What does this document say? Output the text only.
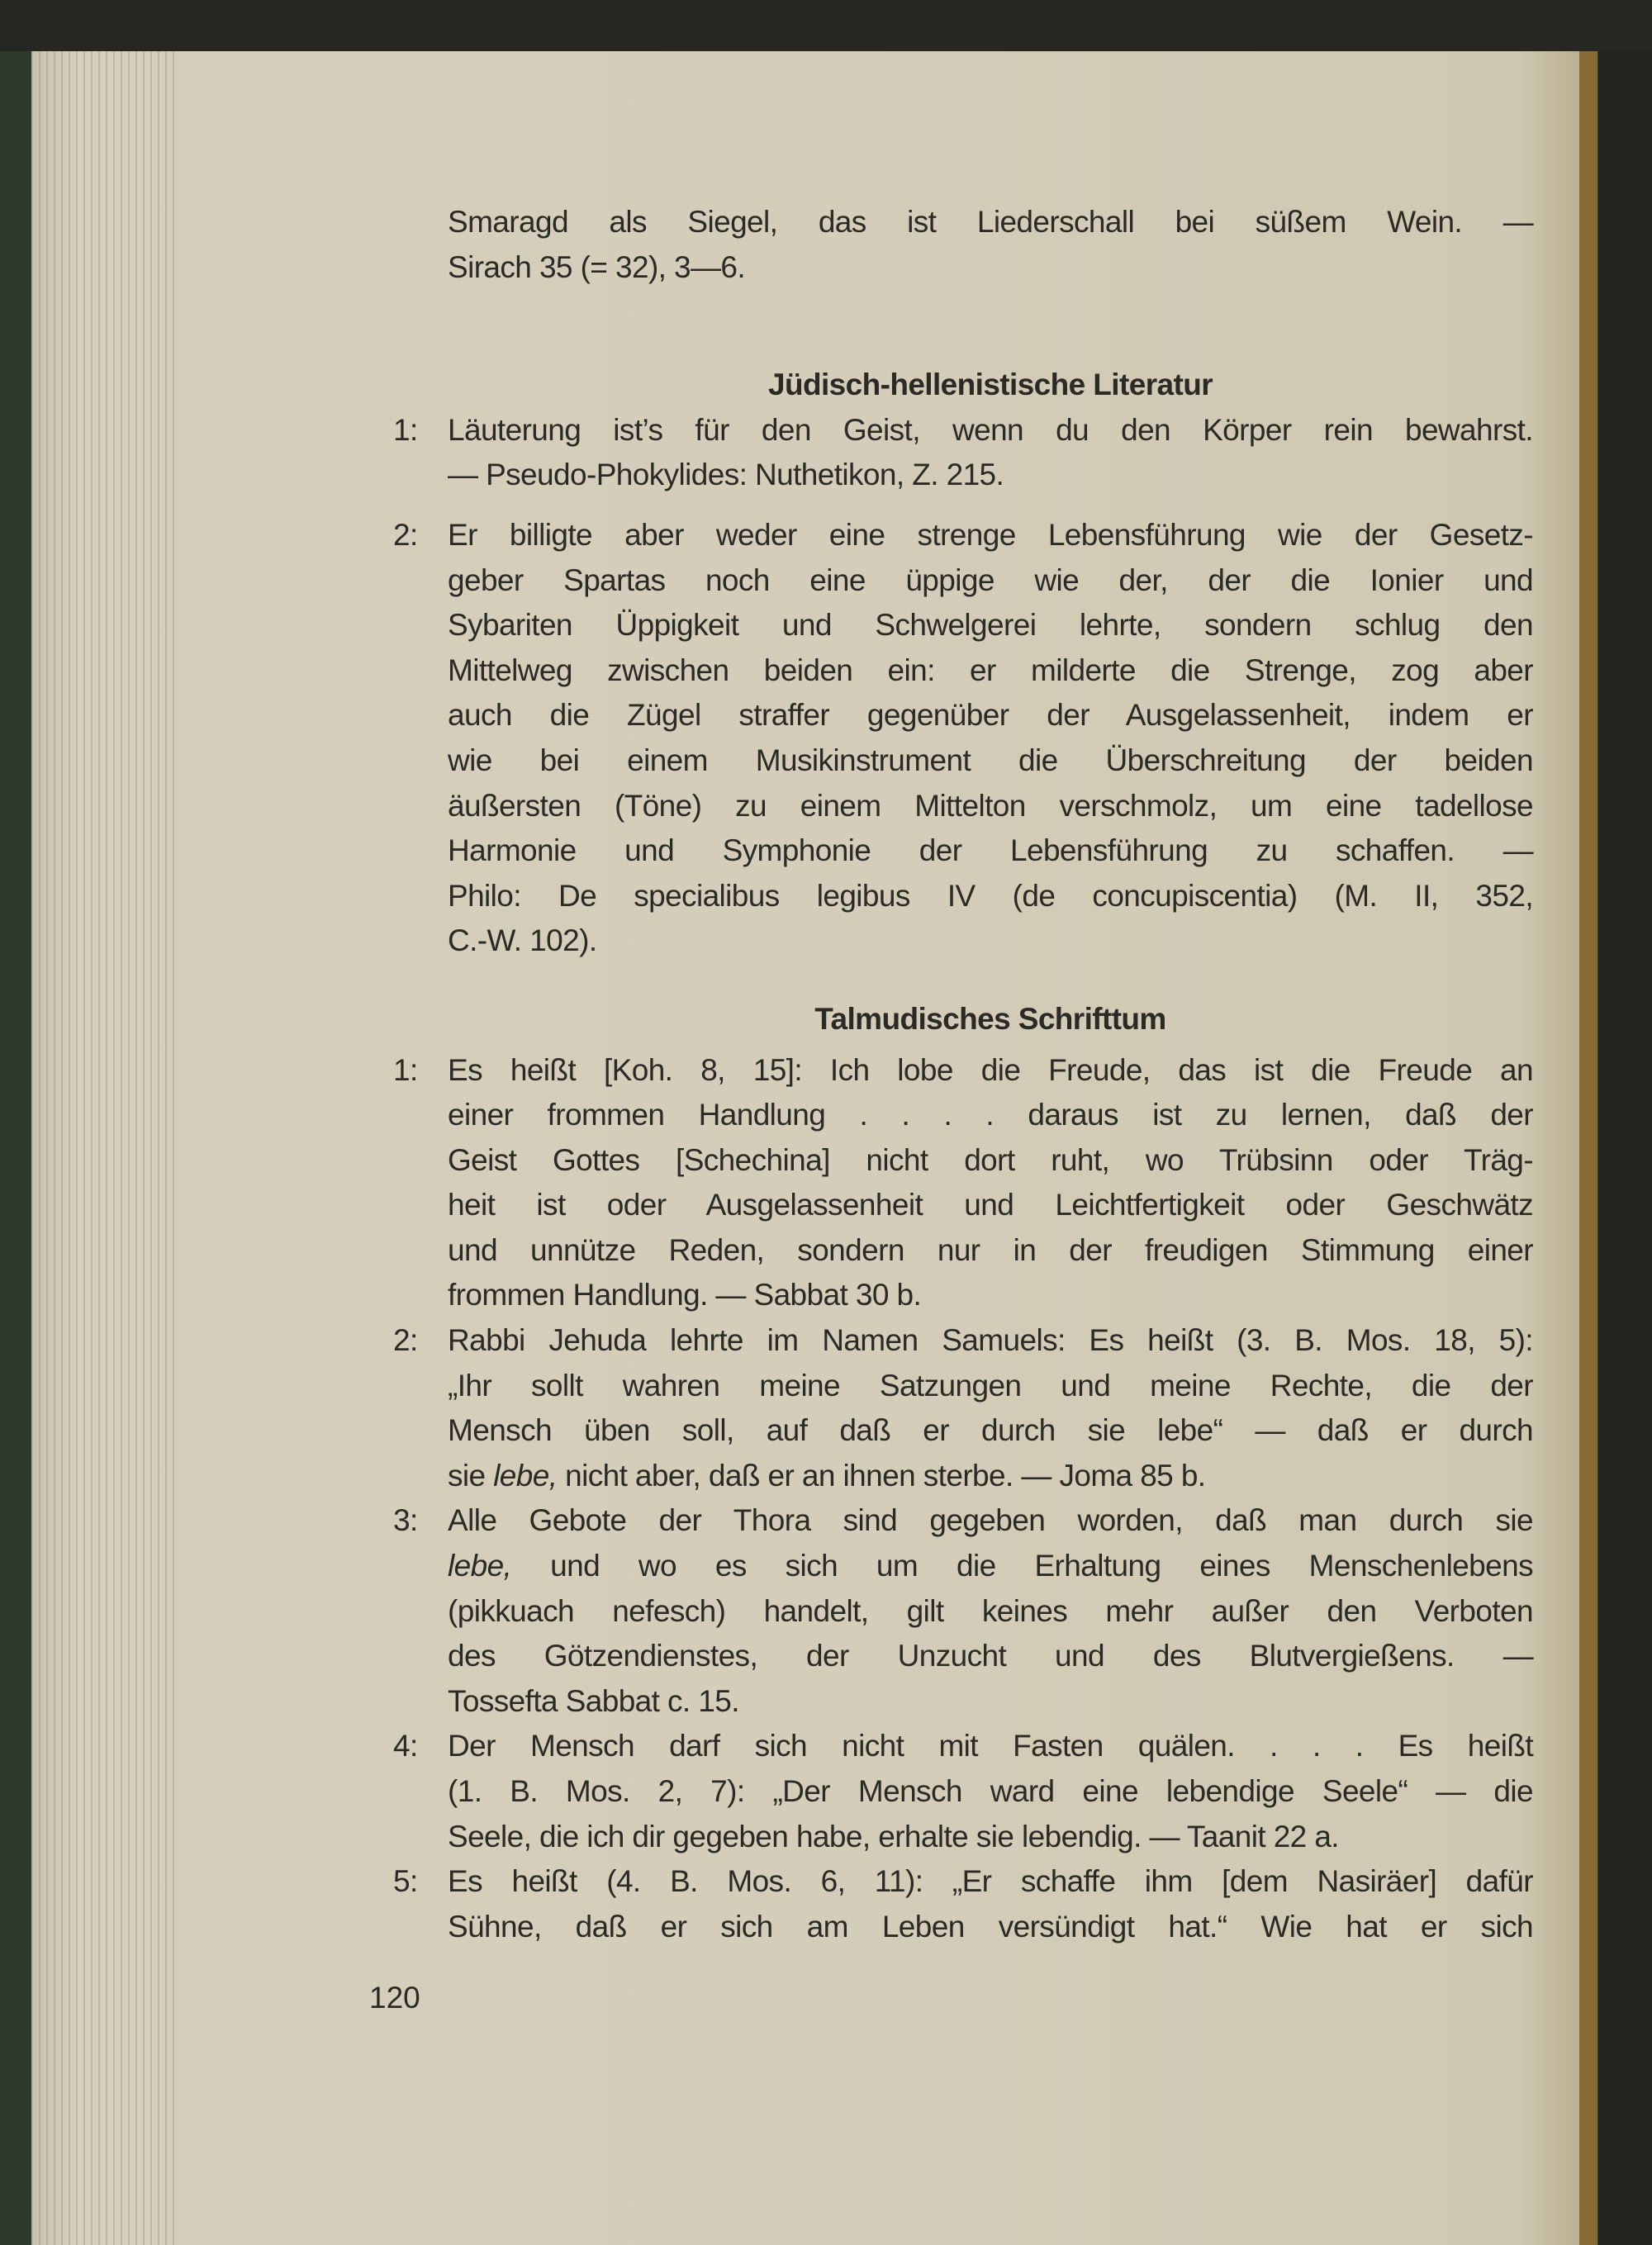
Smaragd als Siegel, das ist Liederschall bei süßem Wein. —
Sirach 35 (= 32), 3—6.
Jüdisch-hellenistische Literatur
1: Läuterung ist’s für den Geist, wenn du den Körper rein bewahrst.
— Pseudo-Phokylides: Nuthetikon, Z. 215.
2: Er billigte aber weder eine strenge Lebensführung wie der Gesetz-
geber Spartas noch eine üppige wie der, der die Ionier und
Sybariten Üppigkeit und Schwelgerei lehrte, sondern schlug den
Mittelweg zwischen beiden ein: er milderte die Strenge, zog aber
auch die Zügel straffer gegenüber der Ausgelassenheit, indem er
wie bei einem Musikinstrument die Überschreitung der beiden
äußersten (Töne) zu einem Mittelton verschmolz, um eine tadellose
Harmonie und Symphonie der Lebensführung zu schaffen. —
Philo: De specialibus legibus IV (de concupiscentia) (M. II, 352,
C.-W. 102).
Talmudisches Schrifttum
1: Es heißt [Koh. 8, 15]: Ich lobe die Freude, das ist die Freude an
einer frommen Handlung . . . . daraus ist zu lernen, daß der
Geist Gottes [Schechina] nicht dort ruht, wo Trübsinn oder Träg-
heit ist oder Ausgelassenheit und Leichtfertigkeit oder Geschwätz
und unnütze Reden, sondern nur in der freudigen Stimmung einer
frommen Handlung. — Sabbat 30 b.
2: Rabbi Jehuda lehrte im Namen Samuels: Es heißt (3. B. Mos. 18, 5):
„Ihr sollt wahren meine Satzungen und meine Rechte, die der
Mensch üben soll, auf daß er durch sie lebe“ — daß er durch
sie lebe, nicht aber, daß er an ihnen sterbe. — Joma 85 b.
3: Alle Gebote der Thora sind gegeben worden, daß man durch sie
lebe, und wo es sich um die Erhaltung eines Menschenlebens
(pikkuach nefesch) handelt, gilt keines mehr außer den Verboten
des Götzendienstes, der Unzucht und des Blutvergießens. —
Tossefta Sabbat c. 15.
4: Der Mensch darf sich nicht mit Fasten quälen. . . . Es heißt
(1. B. Mos. 2, 7): „Der Mensch ward eine lebendige Seele“ — die
Seele, die ich dir gegeben habe, erhalte sie lebendig. — Taanit 22 a.
5: Es heißt (4. B. Mos. 6, 11): „Er schaffe ihm [dem Nasiräer] dafür
Sühne, daß er sich am Leben versündigt hat.“ Wie hat er sich
120
